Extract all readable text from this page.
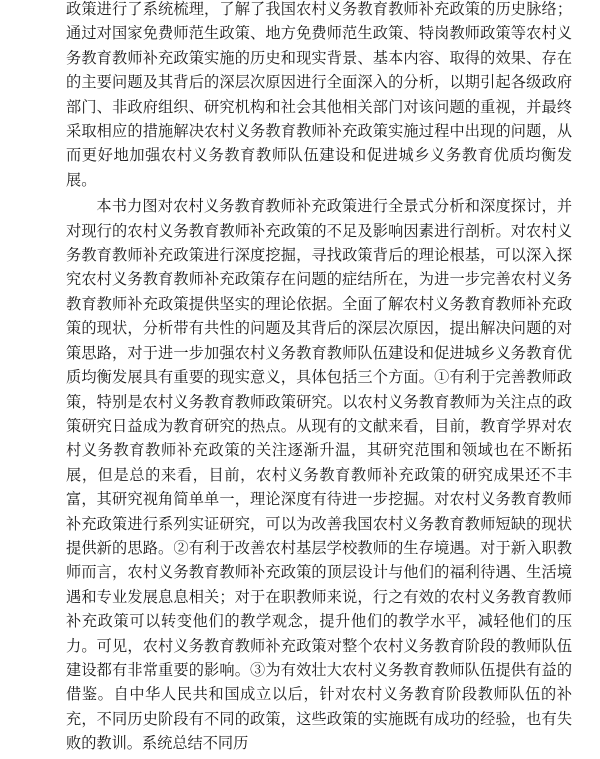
政策进行了系统梳理，了解了我国农村义务教育教师补充政策的历史脉络；通过对国家免费师范生政策、地方免费师范生政策、特岗教师政策等农村义务教育教师补充政策实施的历史和现实背景、基本内容、取得的效果、存在的主要问题及其背后的深层次原因进行全面深入的分析，以期引起各级政府部门、非政府组织、研究机构和社会其他相关部门对该问题的重视，并最终采取相应的措施解决农村义务教育教师补充政策实施过程中出现的问题，从而更好地加强农村义务教育教师队伍建设和促进城乡义务教育优质均衡发展。

本书力图对农村义务教育教师补充政策进行全景式分析和深度探讨，并对现行的农村义务教育教师补充政策的不足及影响因素进行剖析。对农村义务教育教师补充政策进行深度挖掘，寻找政策背后的理论根基，可以深入探究农村义务教育教师补充政策存在问题的症结所在，为进一步完善农村义务教育教师补充政策提供坚实的理论依据。全面了解农村义务教育教师补充政策的现状，分析带有共性的问题及其背后的深层次原因，提出解决问题的对策思路，对于进一步加强农村义务教育教师队伍建设和促进城乡义务教育优质均衡发展具有重要的现实意义，具体包括三个方面。①有利于完善教师政策，特别是农村义务教育教师政策研究。以农村义务教育教师为关注点的政策研究日益成为教育研究的热点。从现有的文献来看，目前，教育学界对农村义务教育教师补充政策的关注逐渐升温，其研究范围和领域也在不断拓展，但是总的来看，目前，农村义务教育教师补充政策的研究成果还不丰富，其研究视角简单单一，理论深度有待进一步挖掘。对农村义务教育教师补充政策进行系列实证研究，可以为改善我国农村义务教育教师短缺的现状提供新的思路。②有利于改善农村基层学校教师的生存境遇。对于新入职教师而言，农村义务教育教师补充政策的顶层设计与他们的福利待遇、生活境遇和专业发展息息相关；对于在职教师来说，行之有效的农村义务教育教师补充政策可以转变他们的教学观念，提升他们的教学水平，减轻他们的压力。可见，农村义务教育教师补充政策对整个农村义务教育阶段的教师队伍建设都有非常重要的影响。③为有效壮大农村义务教育教师队伍提供有益的借鉴。自中华人民共和国成立以后，针对农村义务教育阶段教师队伍的补充，不同历史阶段有不同的政策，这些政策的实施既有成功的经验，也有失败的教训。系统总结不同历
